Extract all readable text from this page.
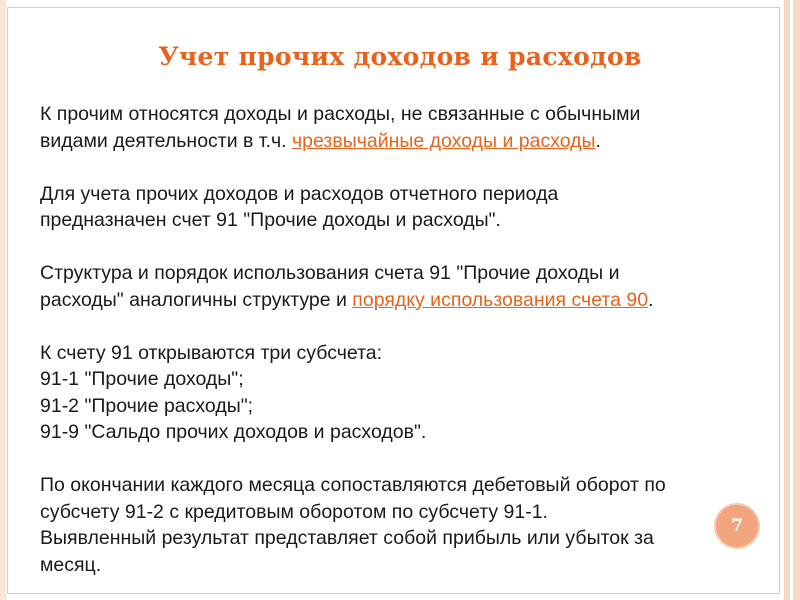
Учет прочих доходов и расходов

К прочим относятся доходы и расходы, не связанные с обычными
видами деятельности в т.ч. чрезвычайные доходы и расходы.

Для учета прочих доходов и расходов отчетного периода
предназначен счет 91 "Прочие доходы и расходы".

Структура и порядок использования счета 91 "Прочие доходы и
расходы" аналогичны структуре и порядку использования счета 90.

К счету 91 открываются три субсчета:
91-1 "Прочие доходы";
91-2 "Прочие расходы";
91-9 "Сальдо прочих доходов и расходов".

По окончании каждого месяца сопоставляются дебетовый оборот по
субсчету 91-2 с кредитовым оборотом по субсчету 91-1.
Выявленный результат представляет собой прибыль или убыток за
месяц.

7
